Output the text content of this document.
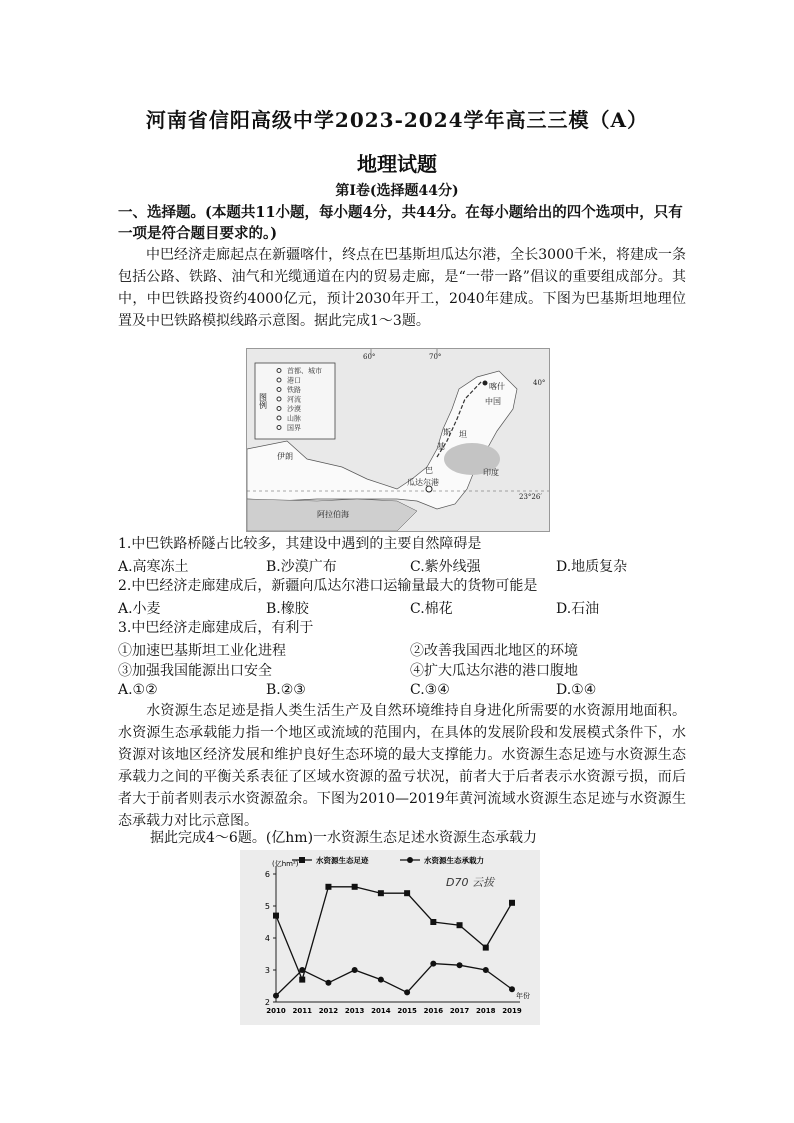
河南省信阳高级中学2023-2024学年高三三模（A）
地理试题
第I卷(选择题44分)
一、选择题。(本题共11小题，每小题4分，共44分。在每小题给出的四个选项中，只有一项是符合题目要求的。)
中巴经济走廊起点在新疆喀什，终点在巴基斯坦瓜达尔港，全长3000千米，将建成一条包括公路、铁路、油气和光缆通道在内的贸易走廊，是“一带一路”倡议的重要组成部分。其中，中巴铁路投资约4000亿元，预计2030年开工，2040年建成。下图为巴基斯坦地理位置及中巴铁路模拟线路示意图。据此完成1～3题。
图例
首都、城市
港口
铁路
河流
沙漠
山脉
国界
喀什
中国
坦
阿拉伯海
印度
瓜达尔港
伊朗
巴
基
斯
60°	70°
40°
23°26′
1.中巴铁路桥隧占比较多，其建设中遇到的主要自然障碍是
A.高寒冻土	B.沙漠广布	C.紫外线强	D.地质复杂
2.中巴经济走廊建成后，新疆向瓜达尔港口运输量最大的货物可能是
A.小麦	B.橡胶	C.棉花	D.石油
3.中巴经济走廊建成后，有利于
①加速巴基斯坦工业化进程	②改善我国西北地区的环境
③加强我国能源出口安全	④扩大瓜达尔港的港口腹地
A.①②	B.②③	C.③④	D.①④
水资源生态足迹是指人类生活生产及自然环境维持自身进化所需要的水资源用地面积。水资源生态承载能力指一个地区或流域的范围内，在具体的发展阶段和发展模式条件下，水资源对该地区经济发展和维护良好生态环境的最大支撑能力。水资源生态足迹与水资源生态承载力之间的平衡关系表征了区域水资源的盈亏状况，前者大于后者表示水资源亏损，而后者大于前者则表示水资源盈余。下图为2010—2019年黄河流域水资源生态足迹与水资源生态承载力对比示意图。
据此完成4～6题。(亿hm)一水资源生态足述水资源生态承载力
2
3
4
5
6
2010 2011 2012 2013 2014 2015 2016 2017 2018 2019
(亿hm²)
年份
水资源生态足迹	水资源生态承载力
D70 云拔
